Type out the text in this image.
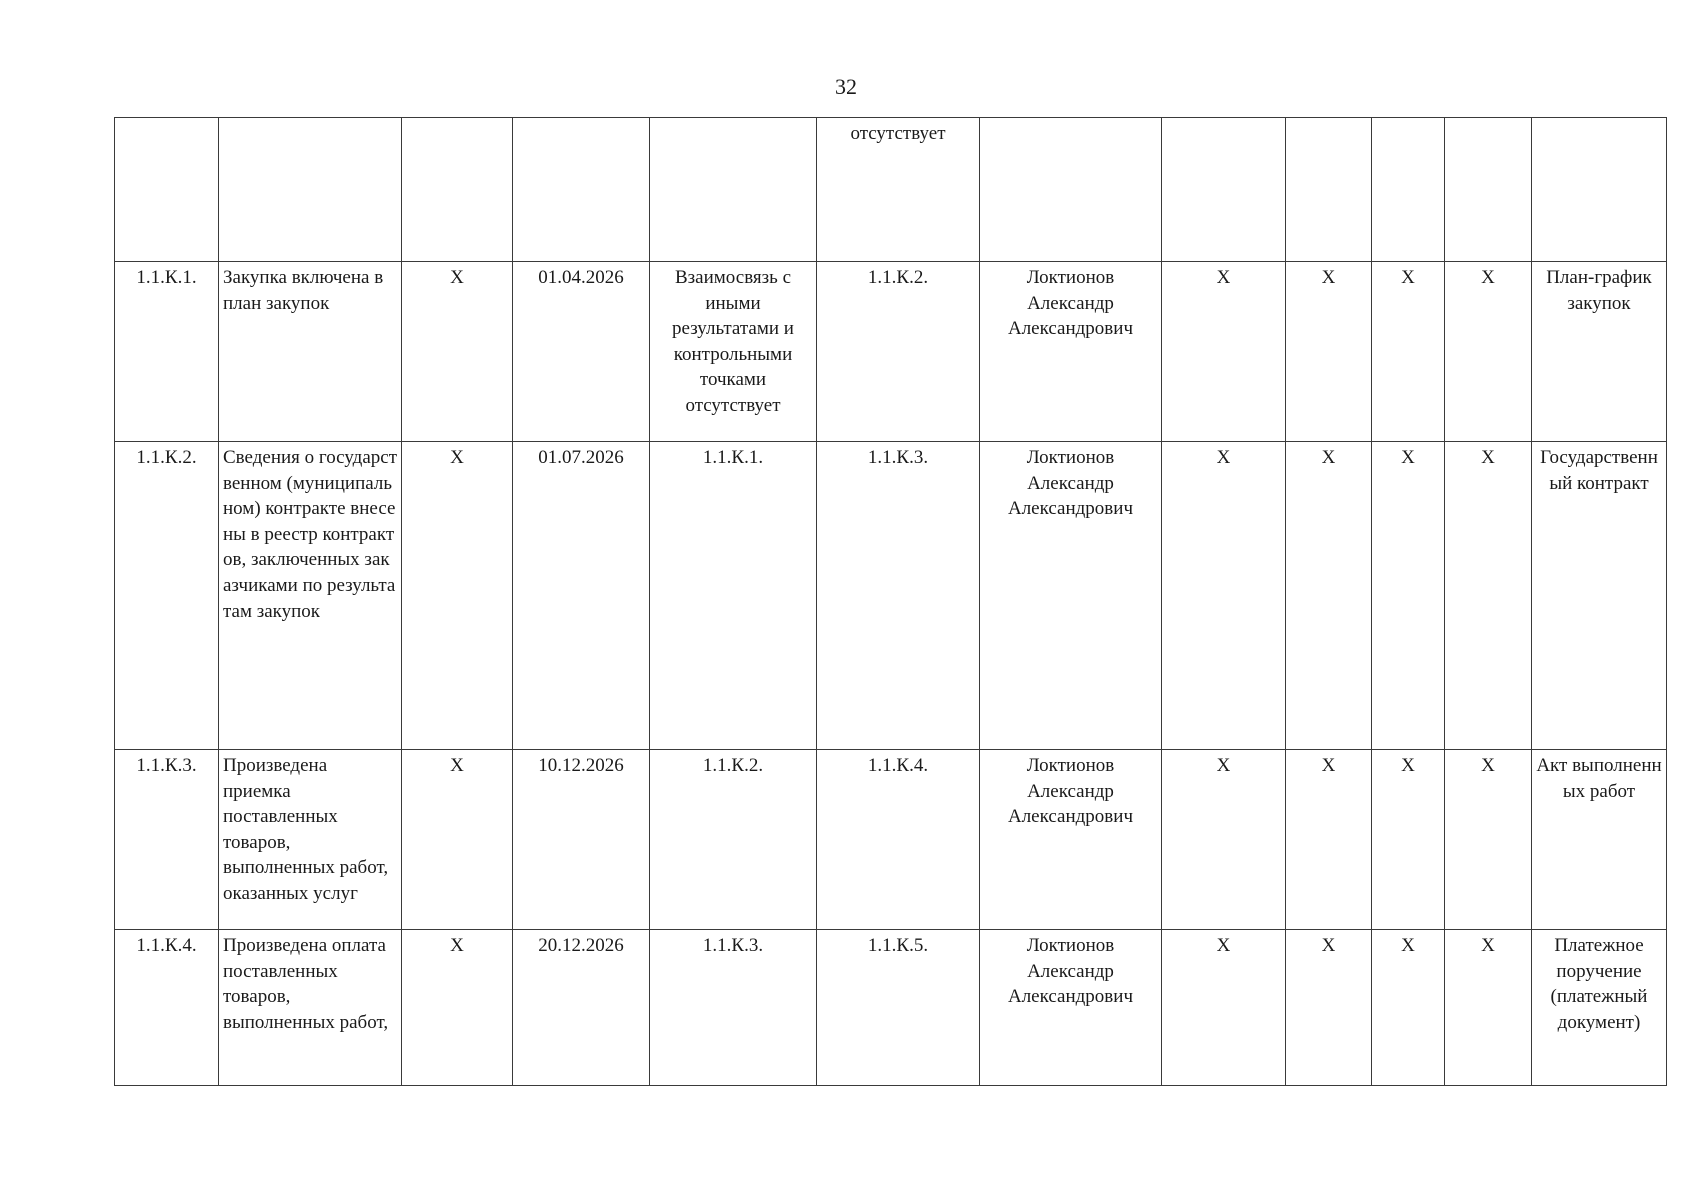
32
					отсутствует						
1.1.К.1.	Закупка включена в план закупок	X	01.04.2026	Взаимосвязь с иными результатами и контрольными точками отсутствует	1.1.К.2.	Локтионов Александр Александрович	X	X	X	X	План-график закупок
1.1.К.2.	Сведения о государственном (муниципальном) контракте внесены в реестр контрактов, заключенных заказчиками по результатам закупок	X	01.07.2026	1.1.К.1.	1.1.К.3.	Локтионов Александр Александрович	X	X	X	X	Государственный контракт
1.1.К.3.	Произведена приемка поставленных товаров, выполненных работ, оказанных услуг	X	10.12.2026	1.1.К.2.	1.1.К.4.	Локтионов Александр Александрович	X	X	X	X	Акт выполненных работ
1.1.К.4.	Произведена оплата поставленных товаров, выполненных работ,	X	20.12.2026	1.1.К.3.	1.1.К.5.	Локтионов Александр Александрович	X	X	X	X	Платежное поручение (платежный документ)
